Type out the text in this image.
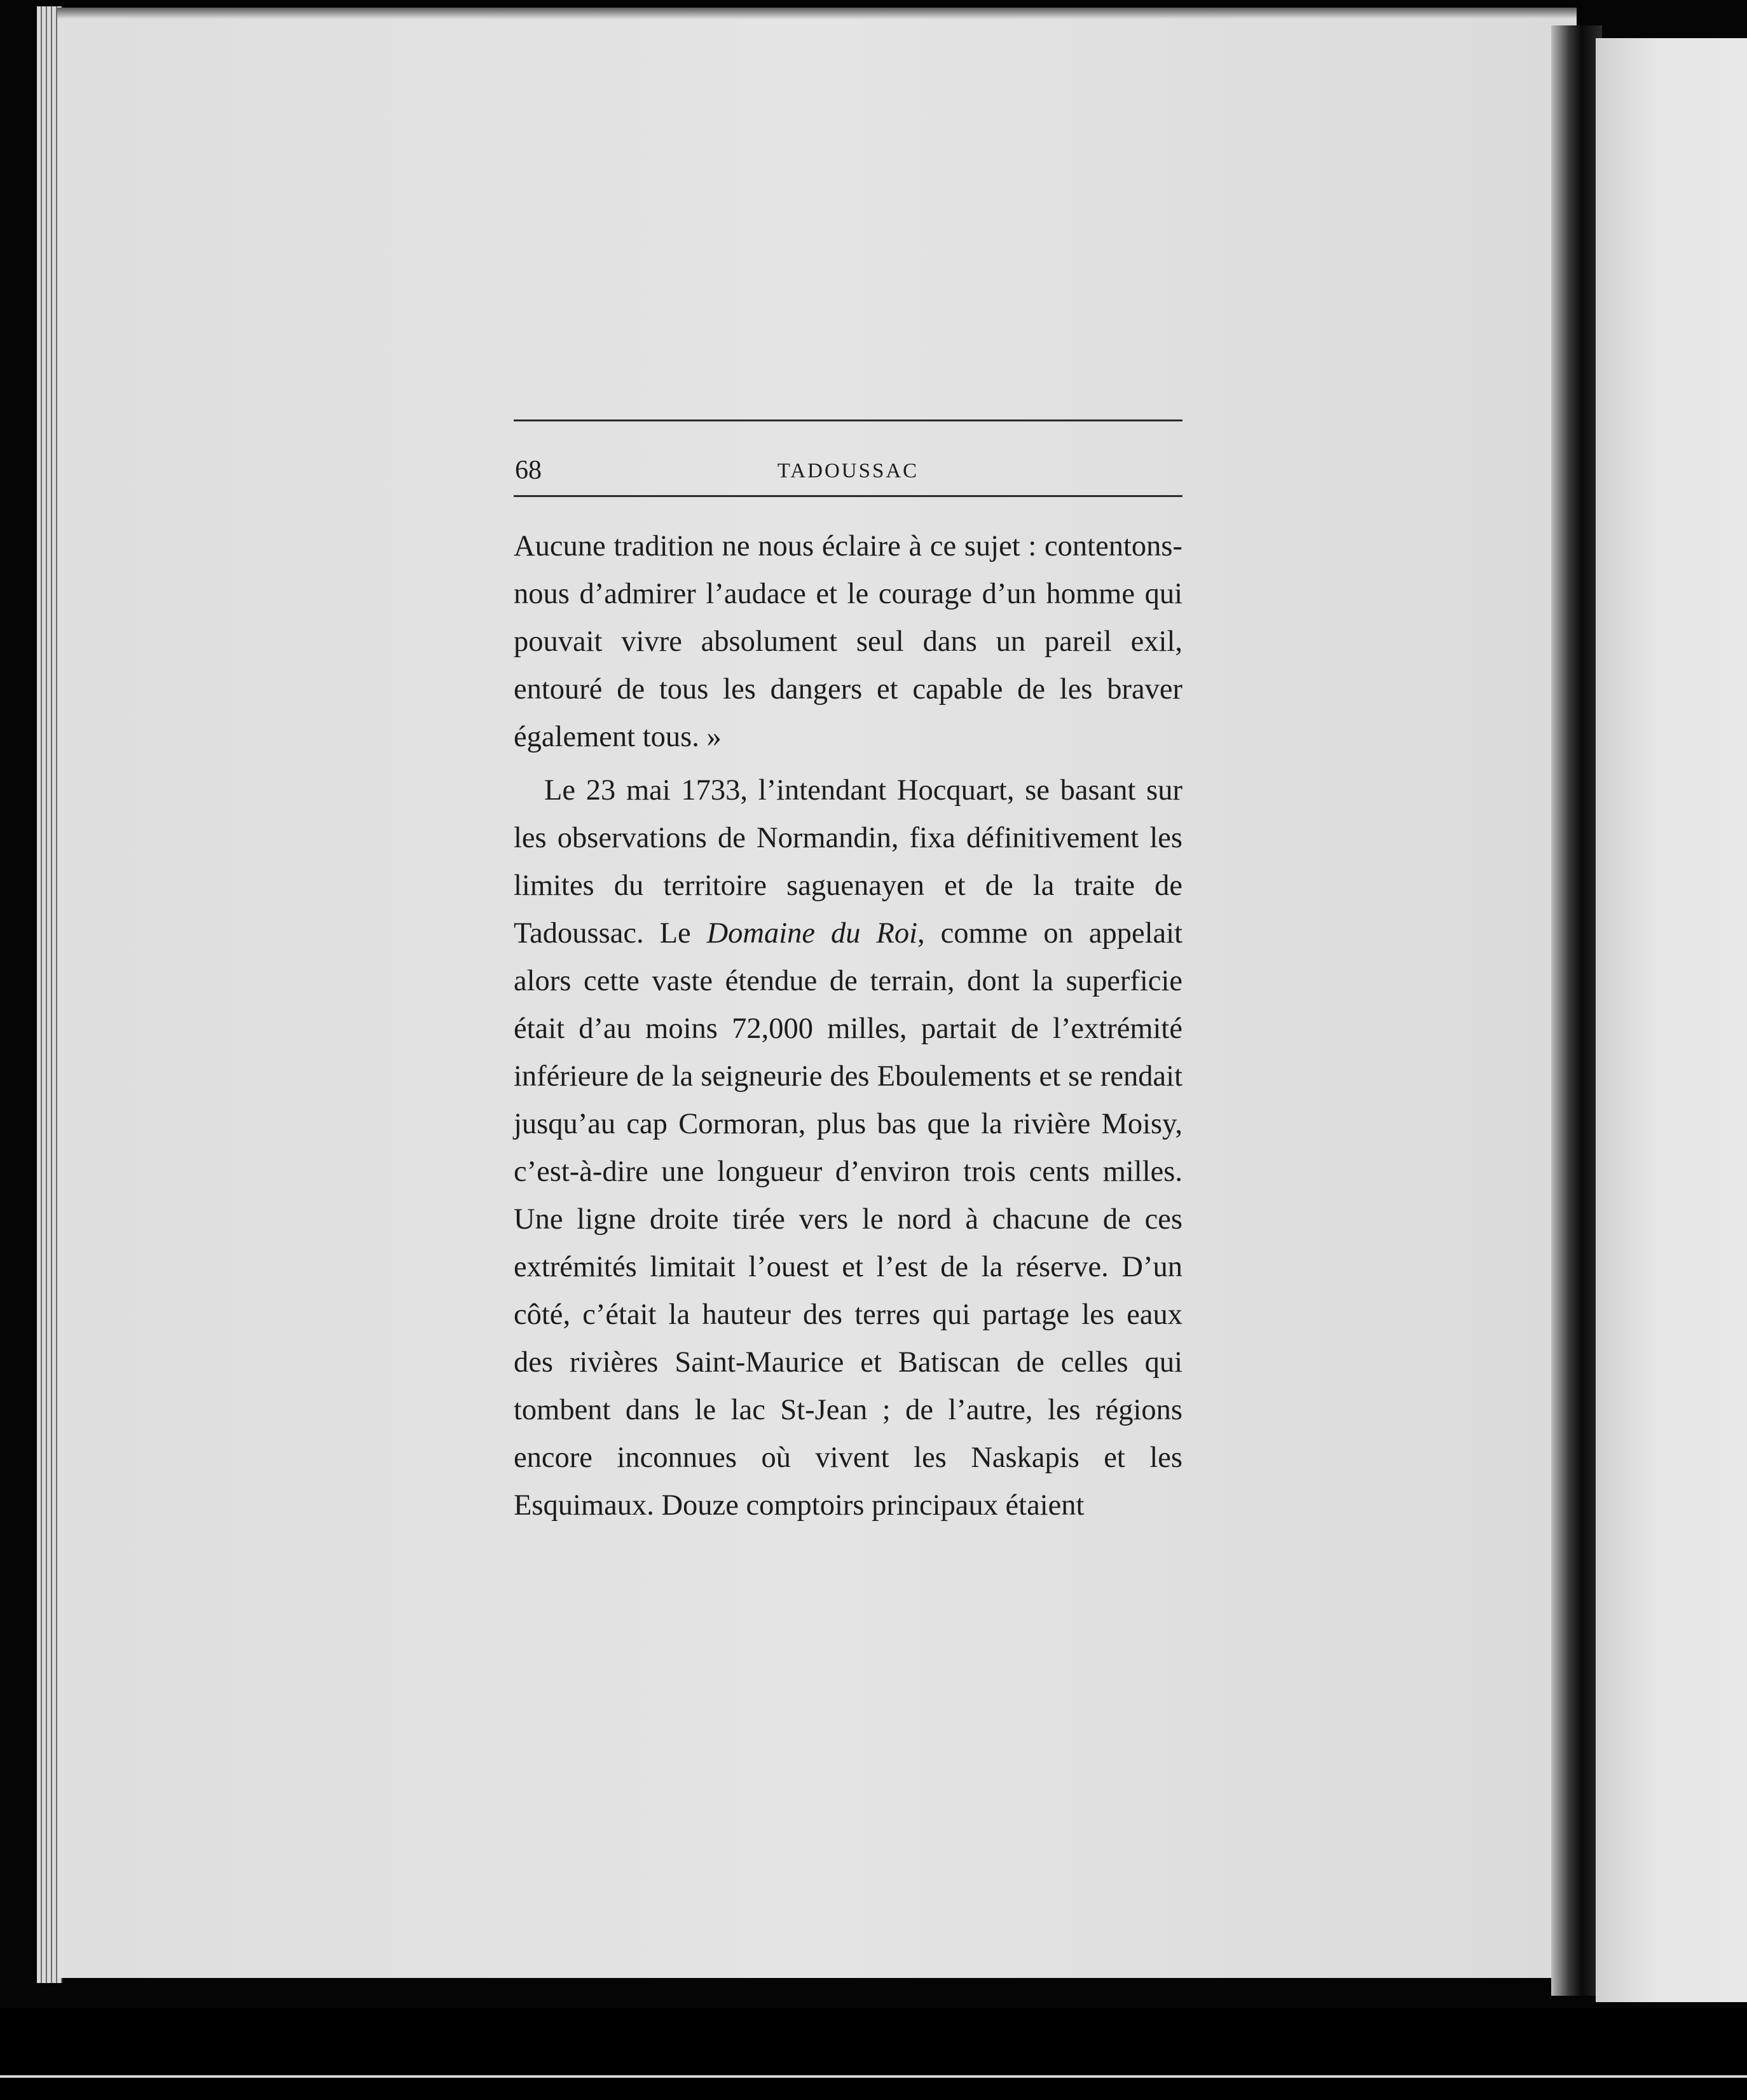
68	TADOUSSAC

Aucune tradition ne nous éclaire à ce sujet : contentons-nous d’admirer l’audace et le courage d’un homme qui pouvait vivre absolument seul dans un pareil exil, entouré de tous les dangers et capable de les braver également tous. »

Le 23 mai 1733, l’intendant Hocquart, se basant sur les observations de Normandin, fixa définitivement les limites du territoire saguenayen et de la traite de Tadoussac. Le Domaine du Roi, comme on appelait alors cette vaste étendue de terrain, dont la superficie était d’au moins 72,000 milles, partait de l’extrémité inférieure de la seigneurie des Eboulements et se rendait jusqu’au cap Cormoran, plus bas que la rivière Moisy, c’est-à-dire une longueur d’environ trois cents milles. Une ligne droite tirée vers le nord à chacune de ces extrémités limitait l’ouest et l’est de la réserve. D’un côté, c’était la hauteur des terres qui partage les eaux des rivières Saint-Maurice et Batiscan de celles qui tombent dans le lac St-Jean ; de l’autre, les régions encore inconnues où vivent les Naskapis et les Esquimaux. Douze comptoirs principaux étaient
